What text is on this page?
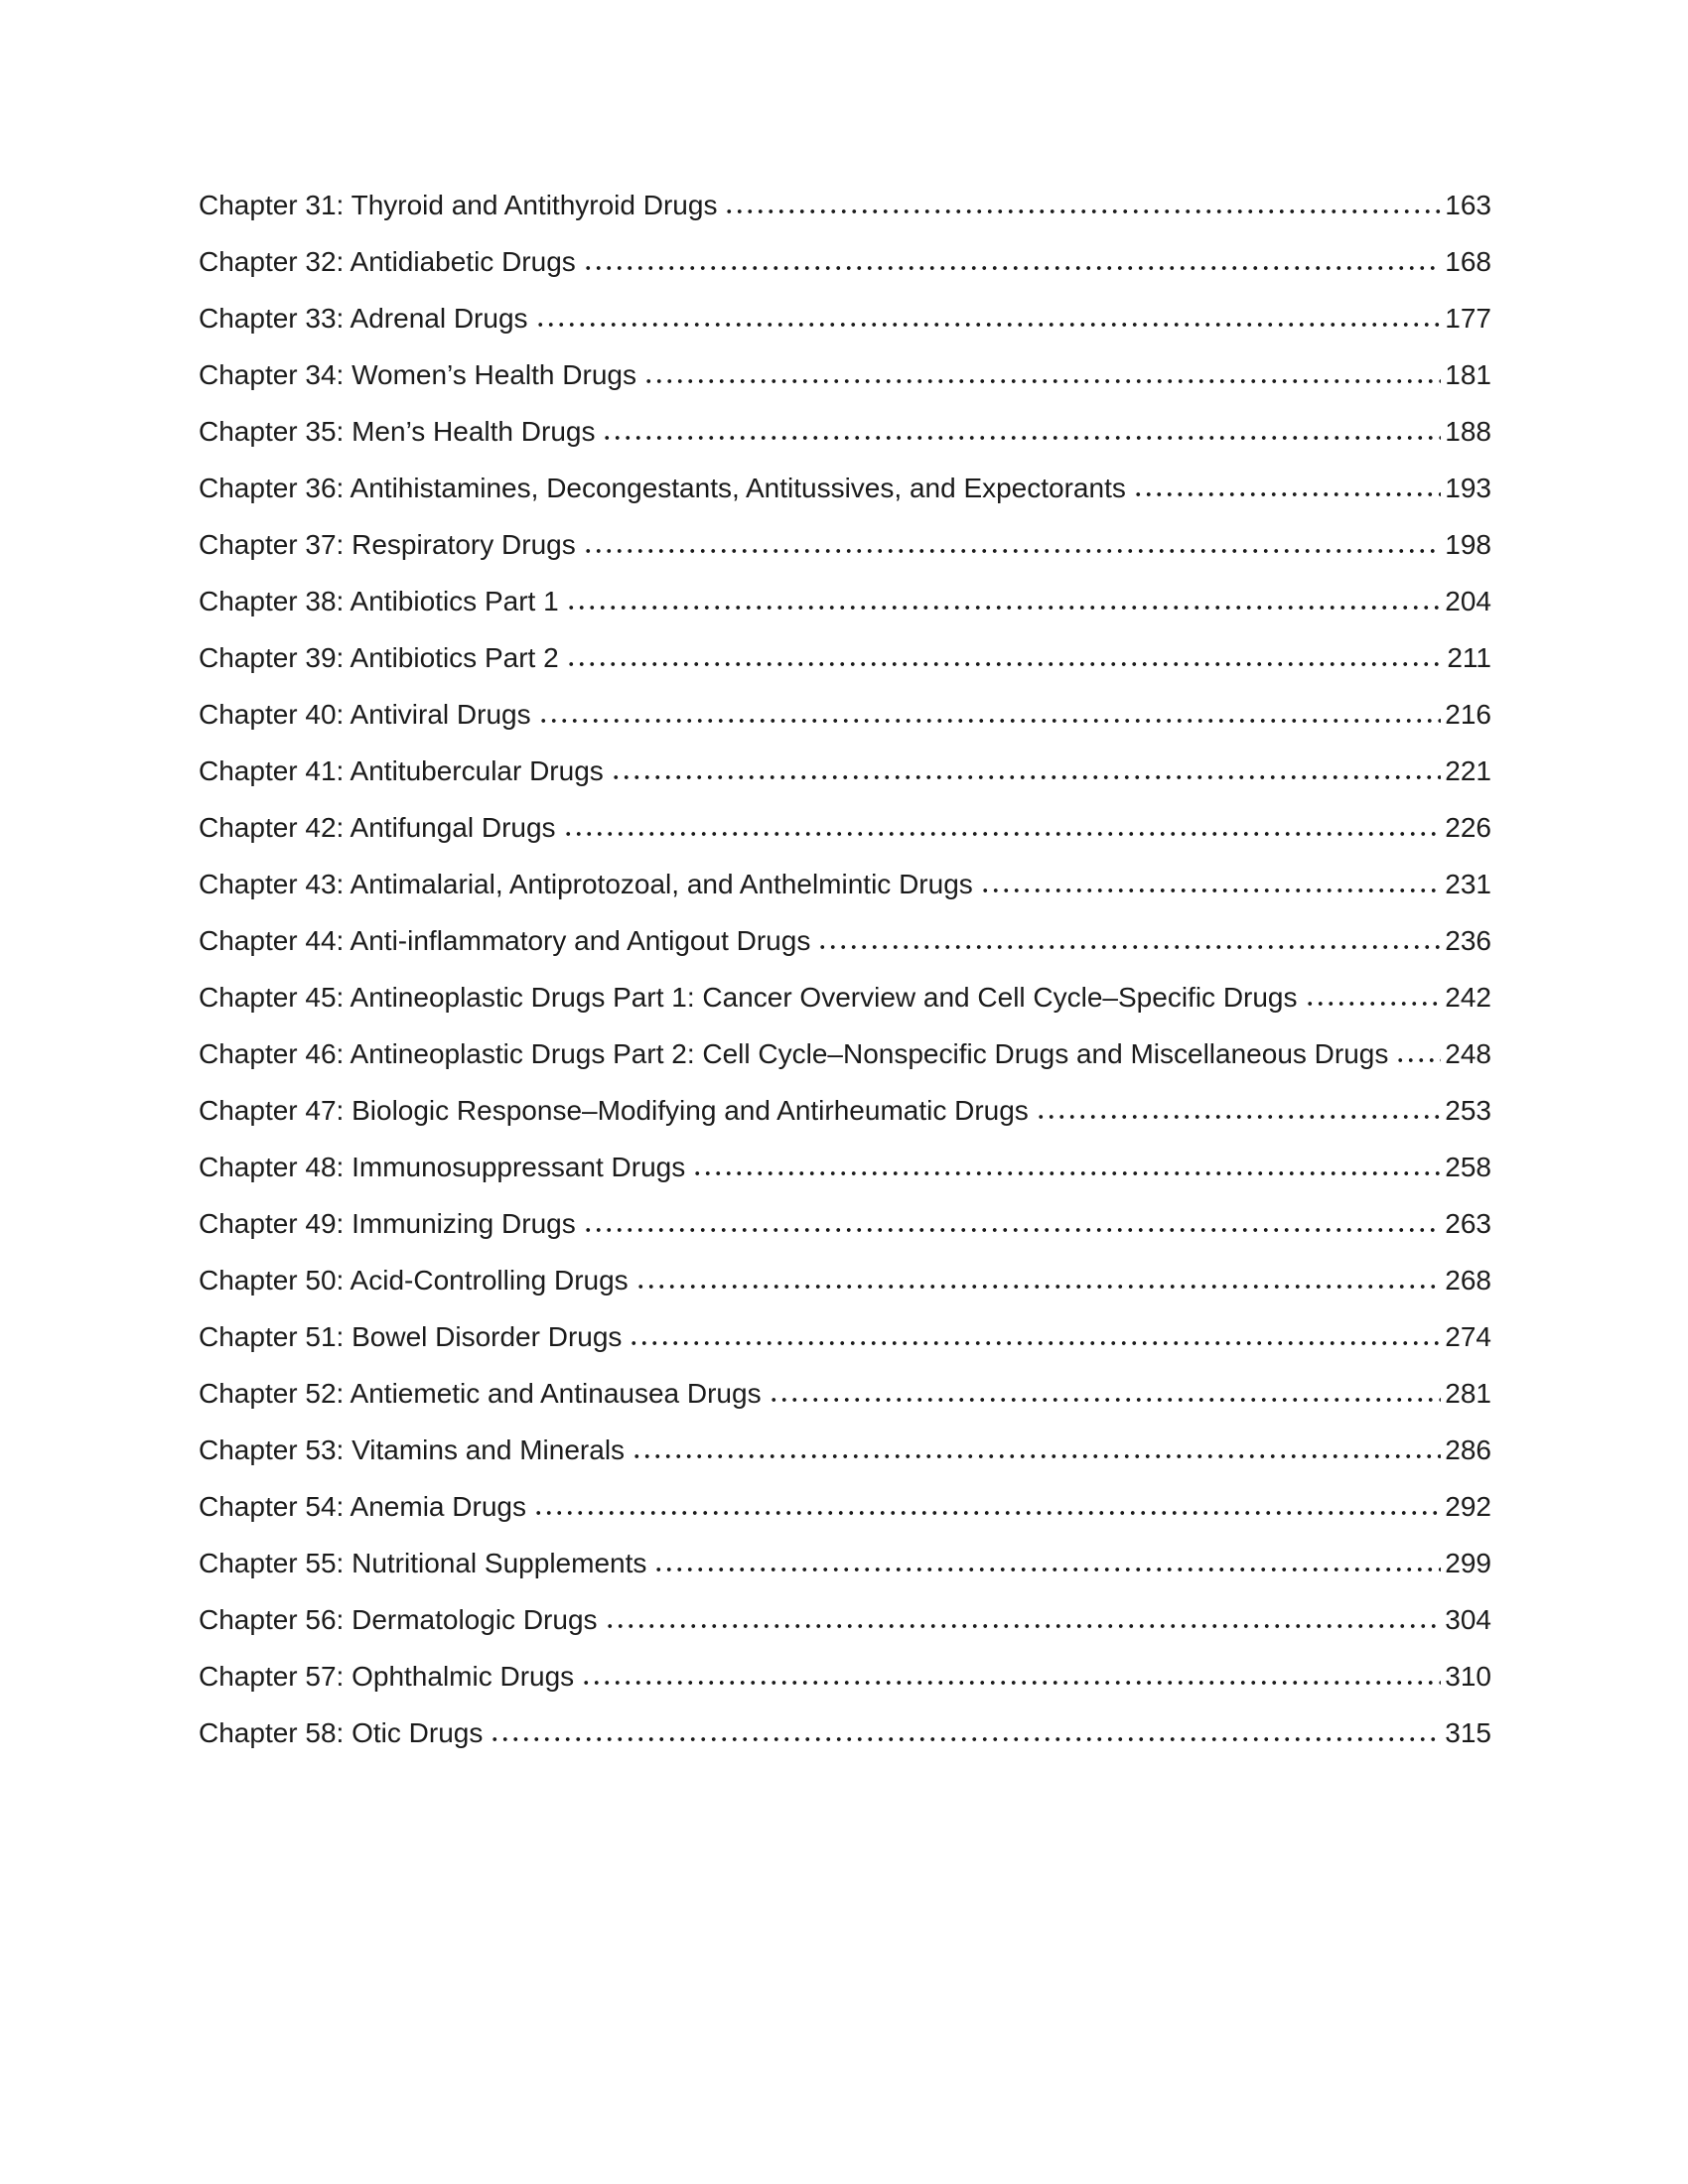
Chapter 31: Thyroid and Antithyroid Drugs	163
Chapter 32: Antidiabetic Drugs	168
Chapter 33: Adrenal Drugs	177
Chapter 34: Women’s Health Drugs	181
Chapter 35: Men’s Health Drugs	188
Chapter 36: Antihistamines, Decongestants, Antitussives, and Expectorants	193
Chapter 37: Respiratory Drugs	198
Chapter 38: Antibiotics Part 1	204
Chapter 39: Antibiotics Part 2	211
Chapter 40: Antiviral Drugs	216
Chapter 41: Antitubercular Drugs	221
Chapter 42: Antifungal Drugs	226
Chapter 43: Antimalarial, Antiprotozoal, and Anthelmintic Drugs	231
Chapter 44: Anti-inflammatory and Antigout Drugs	236
Chapter 45: Antineoplastic Drugs Part 1: Cancer Overview and Cell Cycle–Specific Drugs	242
Chapter 46: Antineoplastic Drugs Part 2: Cell Cycle–Nonspecific Drugs and Miscellaneous Drugs 248
Chapter 47: Biologic Response–Modifying and Antirheumatic Drugs	253
Chapter 48: Immunosuppressant Drugs	258
Chapter 49: Immunizing Drugs	263
Chapter 50: Acid-Controlling Drugs	268
Chapter 51: Bowel Disorder Drugs	274
Chapter 52: Antiemetic and Antinausea Drugs	281
Chapter 53: Vitamins and Minerals	286
Chapter 54: Anemia Drugs	292
Chapter 55: Nutritional Supplements	299
Chapter 56: Dermatologic Drugs	304
Chapter 57: Ophthalmic Drugs	310
Chapter 58: Otic Drugs	315
